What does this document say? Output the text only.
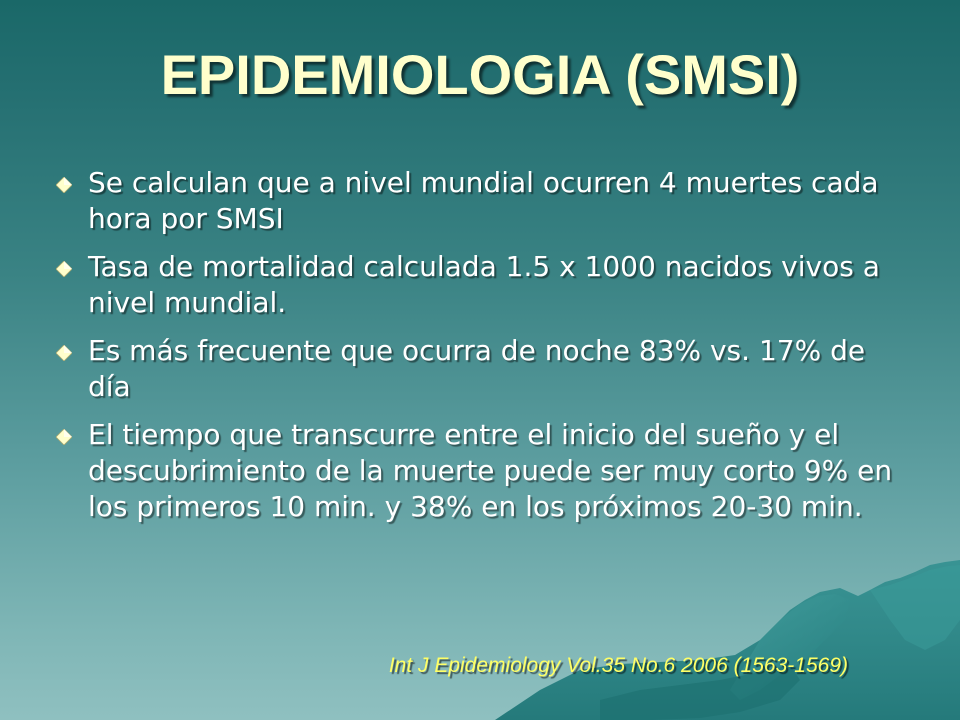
EPIDEMIOLOGIA (SMSI)
Se calculan que a nivel mundial ocurren 4 muertes cada hora por SMSI
Tasa de mortalidad calculada 1.5 x 1000 nacidos vivos a nivel mundial.
Es más frecuente que ocurra de noche 83% vs. 17% de día
El tiempo que transcurre entre el inicio del sueño y el descubrimiento de la muerte puede ser muy corto 9% en los primeros 10 min. y 38% en los próximos 20-30 min.
Int J Epidemiology Vol.35 No.6 2006 (1563-1569)
